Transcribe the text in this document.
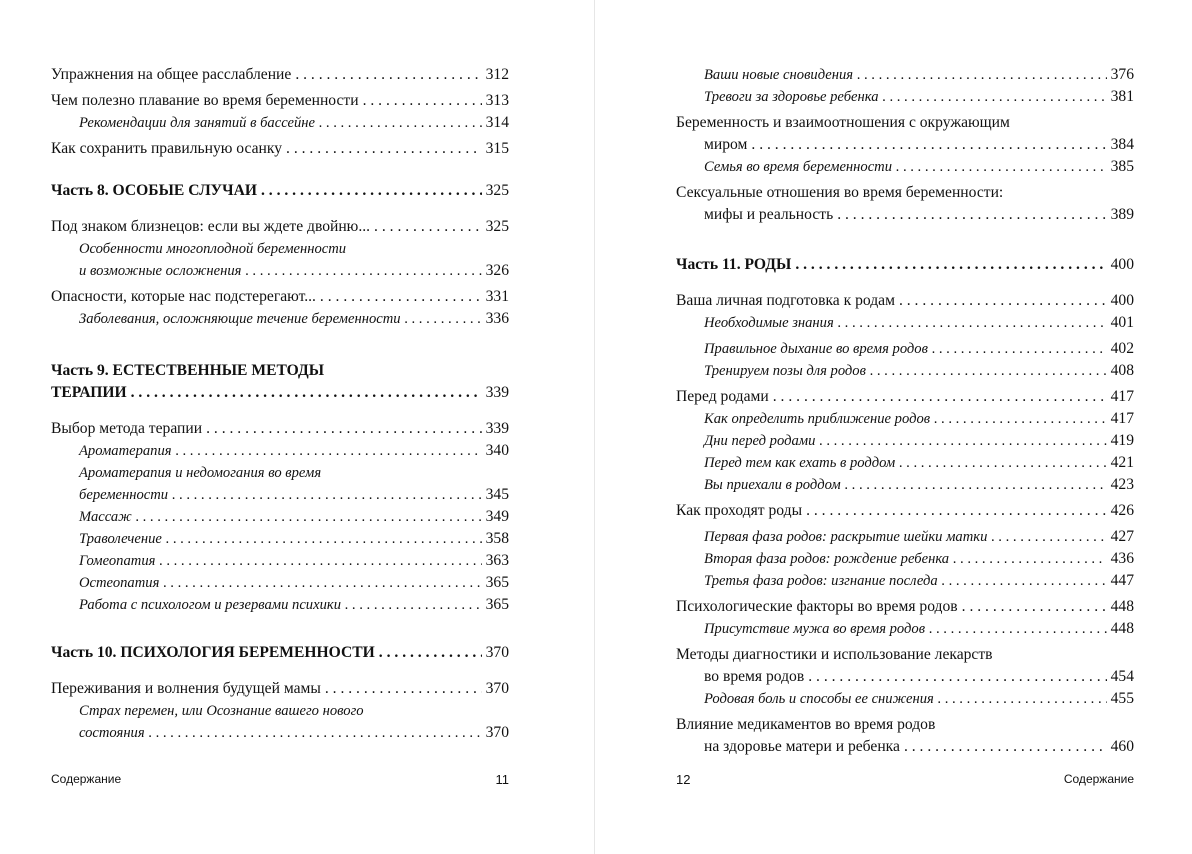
Упражнения на общее расслабление . . .	312
Чем полезно плавание во время беременности . . .	313
Рекомендации для занятий в бассейне . . .	314
Как сохранить правильную осанку . . .	315
Часть 8. ОСОБЫЕ СЛУЧАИ . . .	325
Под знаком близнецов: если вы ждете двойню... . . .	325
Особенности многоплодной беременности
и возможные осложнения . . .	326
Опасности, которые нас подстерегают... . . .	331
Заболевания, осложняющие течение беременности . . .	336
Часть 9. ЕСТЕСТВЕННЫЕ МЕТОДЫ
ТЕРАПИИ . . .	339
Выбор метода терапии . . .	339
Ароматерапия . . .	340
Ароматерапия и недомогания во время
беременности . . .	345
Массаж . . .	349
Траволечение . . .	358
Гомеопатия . . .	363
Остеопатия . . .	365
Работа с психологом и резервами психики . . .	365
Часть 10. ПСИХОЛОГИЯ БЕРЕМЕННОСТИ . . .	370
Переживания и волнения будущей мамы . . .	370
Страх перемен, или Осознание вашего нового
состояния . . .	370
Содержание	11
Ваши новые сновидения . . .	376
Тревоги за здоровье ребенка . . .	381
Беременность и взаимоотношения с окружающим
миром . . .	384
Семья во время беременности . . .	385
Сексуальные отношения во время беременности:
мифы и реальность . . .	389
Часть 11. РОДЫ . . .	400
Ваша личная подготовка к родам . . .	400
Необходимые знания . . .	401
Правильное дыхание во время родов . . .	402
Тренируем позы для родов . . .	408
Перед родами . . .	417
Как определить приближение родов . . .	417
Дни перед родами . . .	419
Перед тем как ехать в роддом . . .	421
Вы приехали в роддом . . .	423
Как проходят роды . . .	426
Первая фаза родов: раскрытие шейки матки . . .	427
Вторая фаза родов: рождение ребенка . . .	436
Третья фаза родов: изгнание последа . . .	447
Психологические факторы во время родов . . .	448
Присутствие мужа во время родов . . .	448
Методы диагностики и использование лекарств
во время родов . . .	454
Родовая боль и способы ее снижения . . .	455
Влияние медикаментов во время родов
на здоровье матери и ребенка . . .	460
12	Содержание
